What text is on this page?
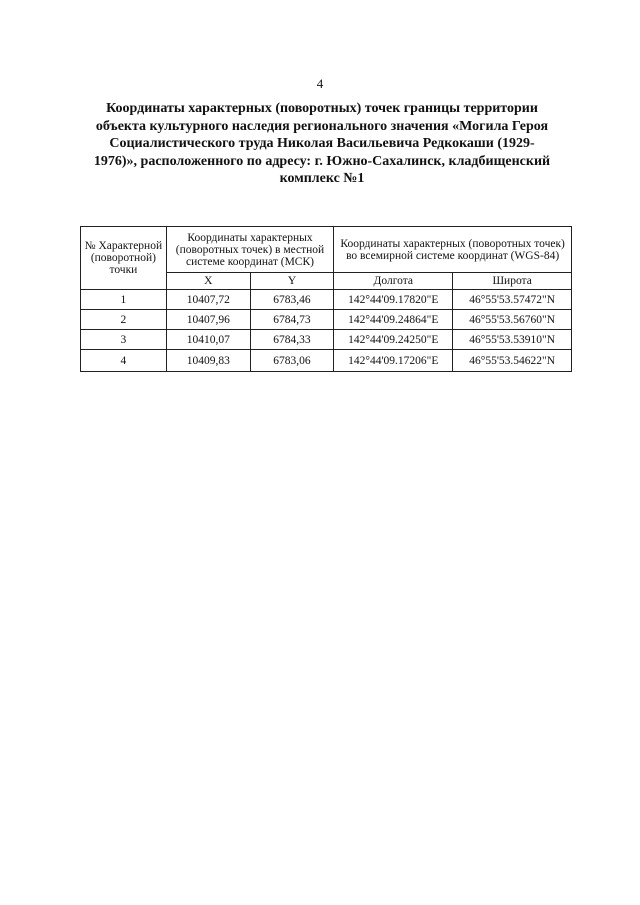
4
Координаты характерных (поворотных) точек границы территории
объекта культурного наследия регионального значения «Могила Героя
Социалистического труда Николая Васильевича Редкокаши (1929-
1976)», расположенного по адресу: г. Южно-Сахалинск, кладбищенский
комплекс №1
№ Характерной (поворотной) точки	Координаты характерных (поворотных точек) в местной системе координат (МСК)		Координаты характерных (поворотных точек) во всемирной системе координат (WGS-84)	
	X	Y	Долгота	Широта
1	10407,72	6783,46	142°44'09.17820"E	46°55'53.57472"N
2	10407,96	6784,73	142°44'09.24864"E	46°55'53.56760"N
3	10410,07	6784,33	142°44'09.24250"E	46°55'53.53910"N
4	10409,83	6783,06	142°44'09.17206"E	46°55'53.54622"N
